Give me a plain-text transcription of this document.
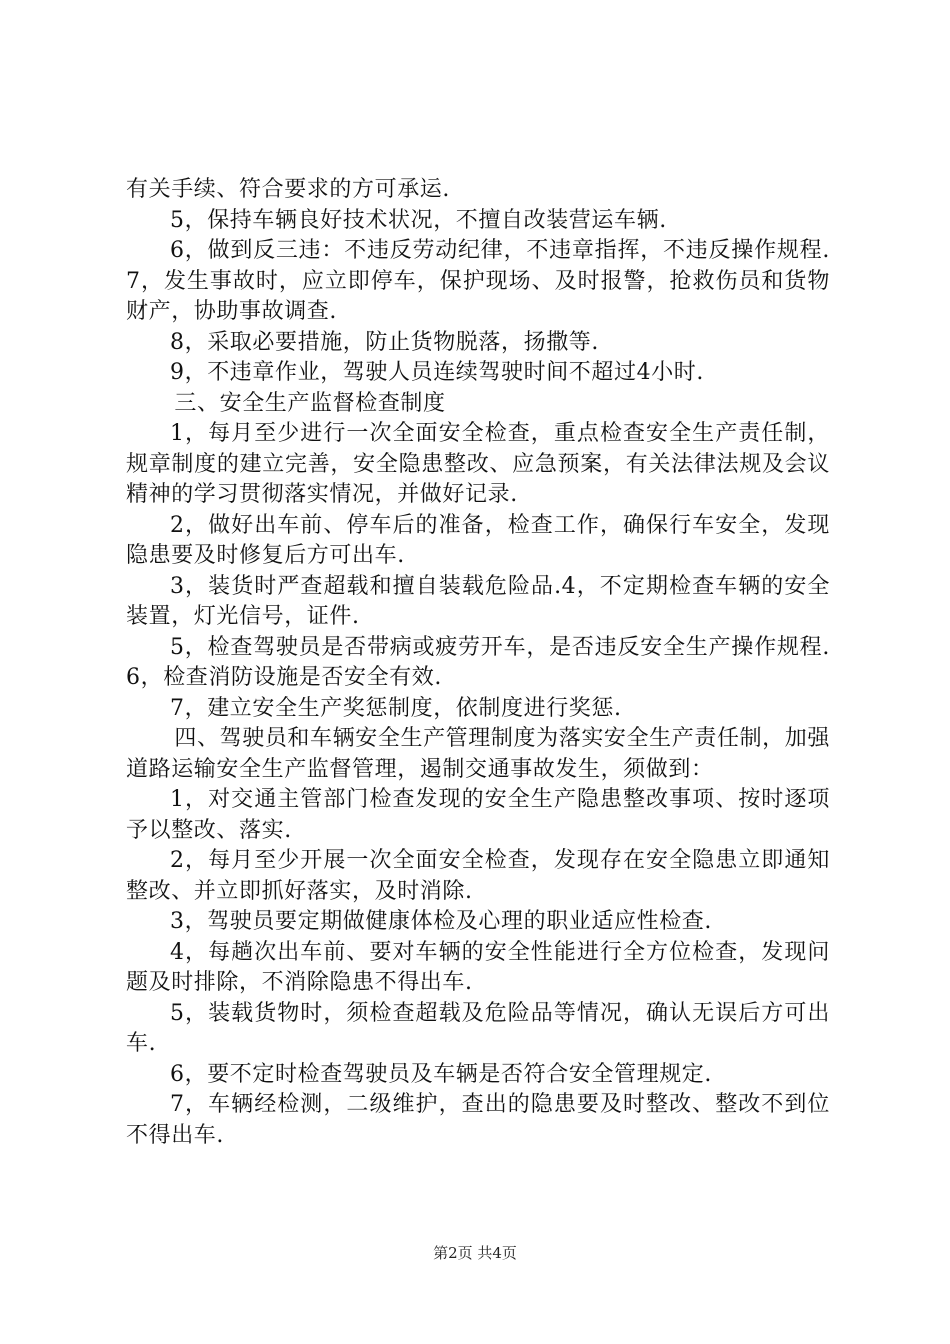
有关手续、符合要求的方可承运.

5，保持车辆良好技术状况，不擅自改装营运车辆.

6，做到反三违：不违反劳动纪律，不违章指挥，不违反操作规程.7，发生事故时，应立即停车，保护现场、及时报警，抢救伤员和货物财产，协助事故调查.

8，采取必要措施，防止货物脱落，扬撒等.

9，不违章作业，驾驶人员连续驾驶时间不超过4小时.

三、安全生产监督检查制度

1，每月至少进行一次全面安全检查，重点检查安全生产责任制，规章制度的建立完善，安全隐患整改、应急预案，有关法律法规及会议精神的学习贯彻落实情况，并做好记录.

2，做好出车前、停车后的准备，检查工作，确保行车安全，发现隐患要及时修复后方可出车.

3，装货时严查超载和擅自装载危险品.4，不定期检查车辆的安全装置，灯光信号，证件.

5，检查驾驶员是否带病或疲劳开车，是否违反安全生产操作规程.6，检查消防设施是否安全有效.

7，建立安全生产奖惩制度，依制度进行奖惩.

四、驾驶员和车辆安全生产管理制度为落实安全生产责任制，加强道路运输安全生产监督管理，遏制交通事故发生，须做到：

1，对交通主管部门检查发现的安全生产隐患整改事项、按时逐项予以整改、落实.

2，每月至少开展一次全面安全检查，发现存在安全隐患立即通知整改、并立即抓好落实，及时消除.

3，驾驶员要定期做健康体检及心理的职业适应性检查.

4，每趟次出车前、要对车辆的安全性能进行全方位检查，发现问题及时排除，不消除隐患不得出车.

5，装载货物时，须检查超载及危险品等情况，确认无误后方可出车.

6，要不定时检查驾驶员及车辆是否符合安全管理规定.

7，车辆经检测，二级维护，查出的隐患要及时整改、整改不到位不得出车.

第2页 共4页
